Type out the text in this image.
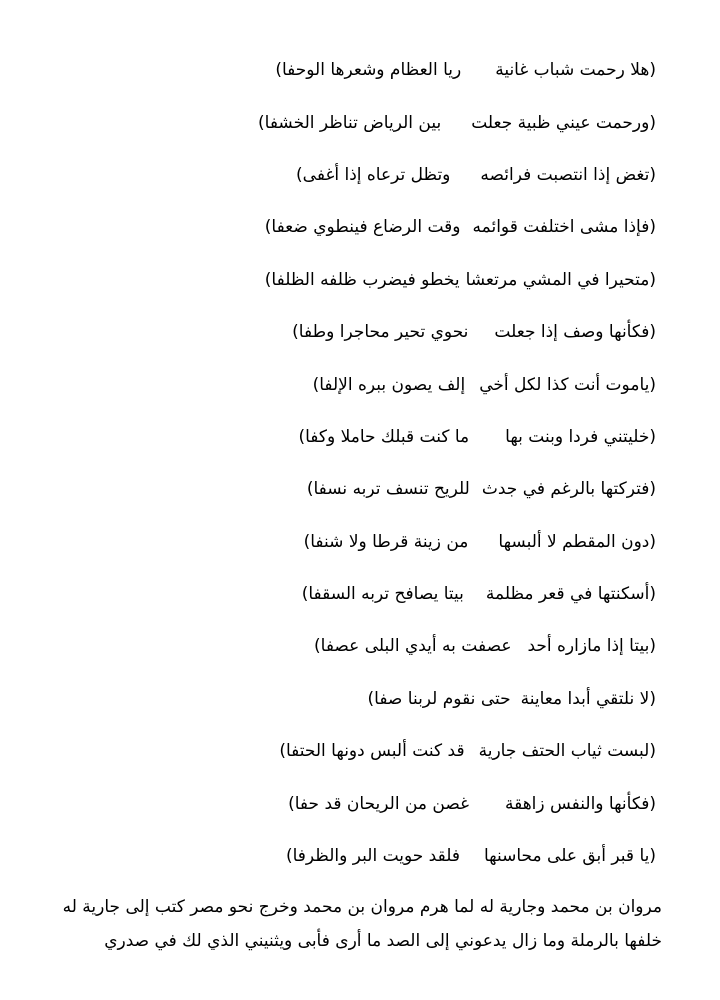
(هلا رحمت شباب غانية
ريا العظام وشعرها الوحفا)
(ورحمت عيني ظبية جعلت
بين الرياض تناظر الخشفا)
(تغض إذا انتصبت فرائصه
وتظل ترعاه إذا أغفى)
(فإذا مشى اختلفت قوائمه
وقت الرضاع فينطوي ضعفا)
(متحيرا في المشي مرتعشا
يخطو فيضرب ظلفه الظلفا)
(فكأنها وصف إذا جعلت
نحوي تحير محاجرا وطفا)
(ياموت أنت كذا لكل أخي
إلف يصون ببره الإلفا)
(خليتني فردا وبنت بها
ما كنت قبلك حاملا وكفا)
(فتركتها بالرغم في جدث
للريح تنسف تربه نسفا)
(دون المقطم لا ألبسها
من زينة قرطا ولا شنفا)
(أسكنتها في قعر مظلمة
بيتا يصافح تربه السقفا)
(بيتا إذا مازاره أحد
عصفت به أيدي البلى عصفا)
(لا نلتقي أبدا معاينة
حتى نقوم لربنا صفا)
(لبست ثياب الحتف جارية
قد كنت ألبس دونها الحتفا)
(فكأنها والنفس زاهقة
غصن من الريحان قد حفا)
(يا قبر أبق على محاسنها
فلقد حويت البر والظرفا)
مروان بن محمد وجارية له لما هرم مروان بن محمد وخرج نحو مصر كتب إلى جارية له
خلفها بالرملة وما زال يدعوني إلى الصد ما أرى فأبى ويثنيني الذي لك في صدري
